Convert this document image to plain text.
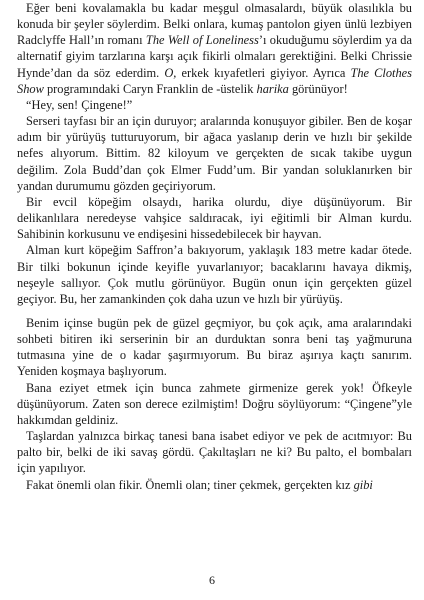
Eğer beni kovalamakla bu kadar meşgul olmasalardı, büyük olasılıkla bu konuda bir şeyler söylerdim. Belki onlara, kumaş pantolon giyen ünlü lezbiyen Radclyffe Hall’ın romanı The Well of Loneliness’ı okuduğumu söylerdim ya da alternatif giyim tarzlarına karşı açık fikirli olmaları gerektiğini. Belki Chrissie Hynde’dan da söz ederdim. O, erkek kıyafetleri giyiyor. Ayrıca The Clothes Show programındaki Caryn Franklin de -üstelik harika görünüyor!

“Hey, sen! Çingene!”

Serseri tayfası bir an için duruyor; aralarında konuşuyor gibiler. Ben de koşar adım bir yürüyüş tutturuyorum, bir ağaca yaslanıp derin ve hızlı bir şekilde nefes alıyorum. Bittim. 82 kiloyum ve gerçekten de sıcak takibe uygun değilim. Zola Budd’dan çok Elmer Fudd’um. Bir yandan soluklanırken bir yandan durumumu gözden geçiriyorum.

Bir evcil köpeğim olsaydı, harika olurdu, diye düşünüyorum. Bir delikanlılara neredeyse vahşice saldıracak, iyi eğitimli bir Alman kurdu. Sahibinin korkusunu ve endişesini hissedebilecek bir hayvan.

Alman kurt köpeğim Saffron’a bakıyorum, yaklaşık 183 metre kadar ötede. Bir tilki bokunun içinde keyifle yuvarlanıyor; bacaklarını havaya dikmiş, neşeyle sallıyor. Çok mutlu görünüyor. Bugün onun için gerçekten güzel geçiyor. Bu, her zamankinden çok daha uzun ve hızlı bir yürüyüş.

Benim içinse bugün pek de güzel geçmiyor, bu çok açık, ama aralarındaki sohbeti bitiren iki serserinin bir an durduktan sonra beni taş yağmuruna tutmasına yine de o kadar şaşırmıyorum. Bu biraz aşırıya kaçtı sanırım. Yeniden koşmaya başlıyorum.

Bana eziyet etmek için bunca zahmete girmenize gerek yok! Öfkeyle düşünüyorum. Zaten son derece ezilmiştim! Doğru söylüyorum: “Çingene”yle hakkımdan geldiniz.

Taşlardan yalnızca birkaç tanesi bana isabet ediyor ve pek de acıtmıyor: Bu palto bir, belki de iki savaş gördü. Çakıltaşları ne ki? Bu palto, el bombaları için yapılıyor.

Fakat önemli olan fikir. Önemli olan; tiner çekmek, gerçekten kız gibi

6
